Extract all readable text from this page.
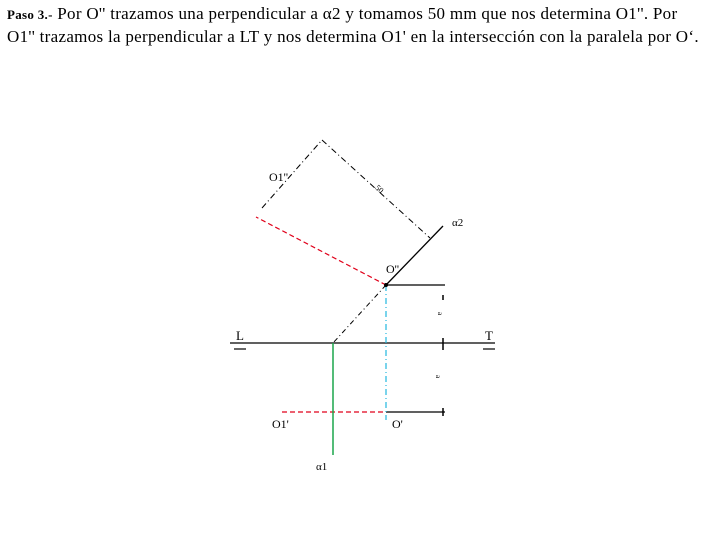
Paso 3.- Por O'' trazamos una perpendicular a α2 y tomamos 50 mm que nos determina O1''. Por O1'' trazamos la perpendicular a LT y nos determina O1' en la intersección con la paralela por O‘.
O1''
α2
O''
L	T
O1'	O'
α1
50
a
a
